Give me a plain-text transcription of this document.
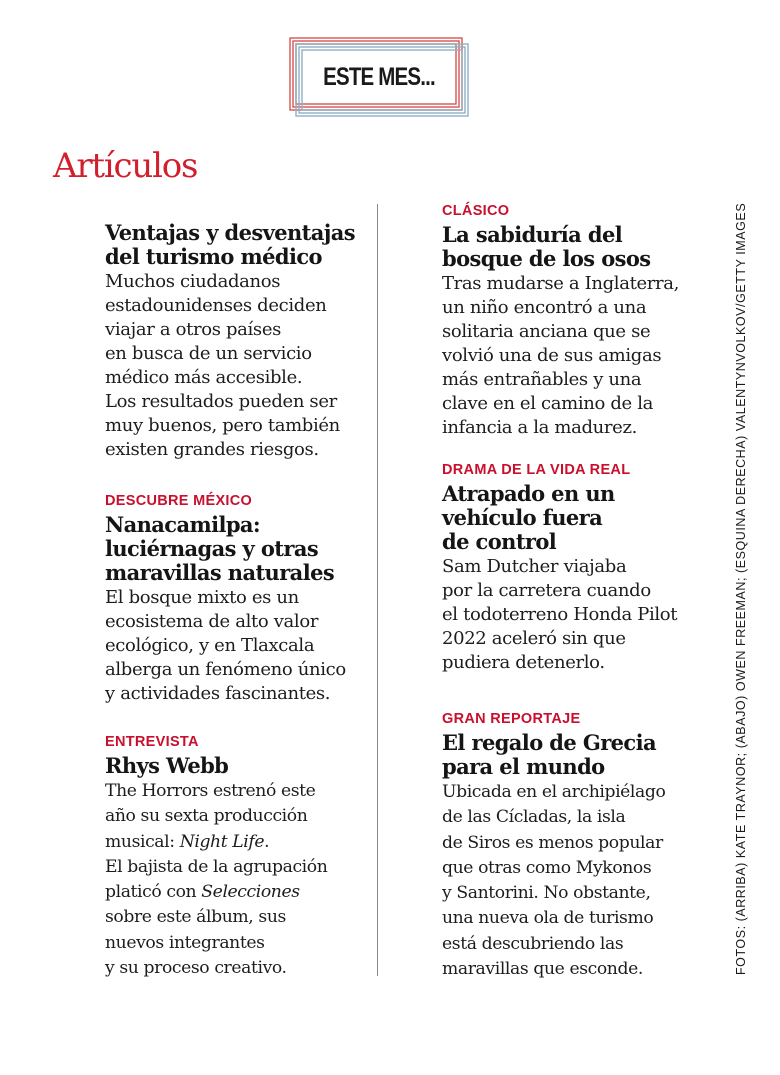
ESTE MES...
Artículos
Ventajas y desventajas
del turismo médico

Muchos ciudadanos
estadounidenses deciden
viajar a otros países
en busca de un servicio
médico más accesible.
Los resultados pueden ser
muy buenos, pero también
existen grandes riesgos.

DESCUBRE MÉXICO
Nanacamilpa:
luciérnagas y otras
maravillas naturales

El bosque mixto es un
ecosistema de alto valor
ecológico, y en Tlaxcala
alberga un fenómeno único
y actividades fascinantes.

ENTREVISTA
Rhys Webb

The Horrors estrenó este
año su sexta producción
musical: Night Life.
El bajista de la agrupación
platicó con Selecciones
sobre este álbum, sus
nuevos integrantes
y su proceso creativo.

CLÁSICO
La sabiduría del
bosque de los osos

Tras mudarse a Inglaterra,
un niño encontró a una
solitaria anciana que se
volvió una de sus amigas
más entrañables y una
clave en el camino de la
infancia a la madurez.

DRAMA DE LA VIDA REAL
Atrapado en un
vehículo fuera
de control

Sam Dutcher viajaba
por la carretera cuando
el todoterreno Honda Pilot
2022 aceleró sin que
pudiera detenerlo.

GRAN REPORTAJE
El regalo de Grecia
para el mundo

Ubicada en el archipiélago
de las Cícladas, la isla
de Siros es menos popular
que otras como Mykonos
y Santorini. No obstante,
una nueva ola de turismo
está descubriendo las
maravillas que esconde.	FOTOS: (ARRIBA) KATE TRAYNOR; (ABAJO) OWEN FREEMAN; (ESQUINA DERECHA) VALENTYNVOLKOV/GETTY IMAGES
